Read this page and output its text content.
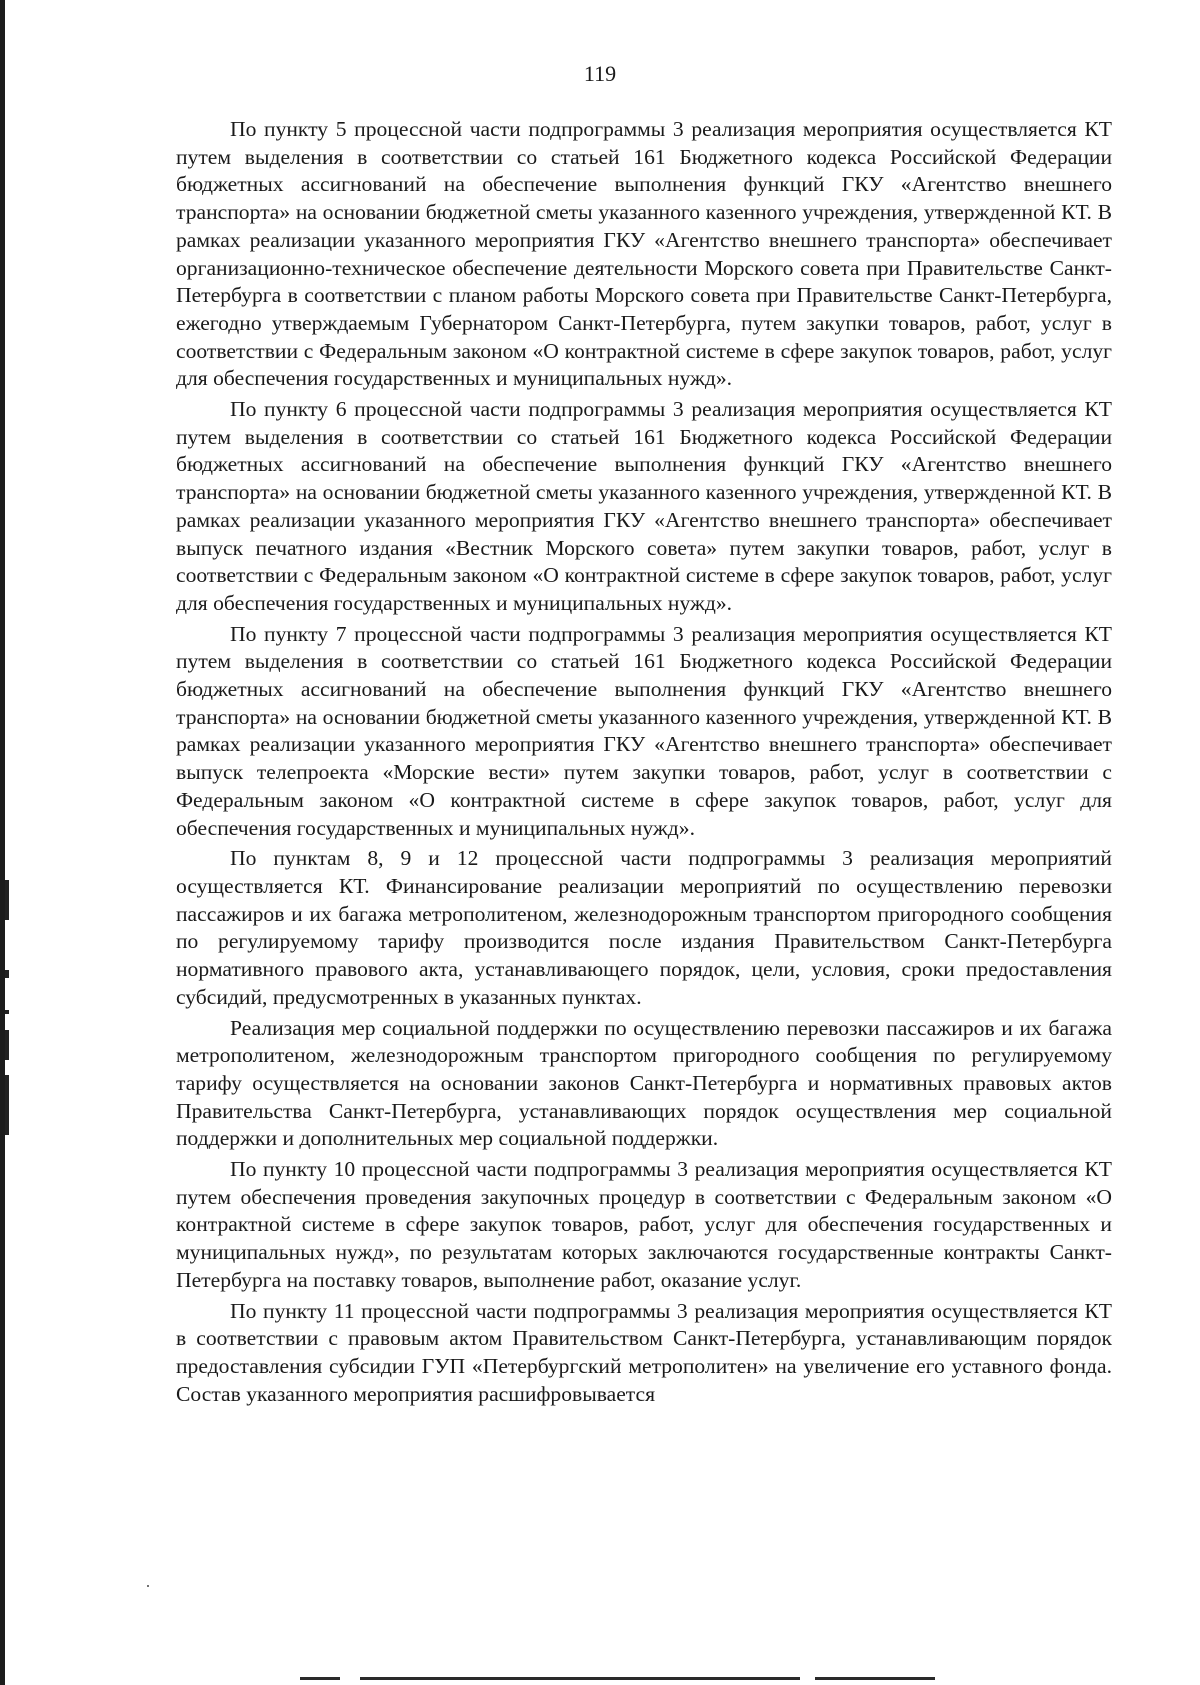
119

По пункту 5 процессной части подпрограммы 3 реализация мероприятия осуществляется КТ путем выделения в соответствии со статьей 161 Бюджетного кодекса Российской Федерации бюджетных ассигнований на обеспечение выполнения функций ГКУ «Агентство внешнего транспорта» на основании бюджетной сметы указанного казенного учреждения, утвержденной КТ. В рамках реализации указанного мероприятия ГКУ «Агентство внешнего транспорта» обеспечивает организационно-техническое обеспечение деятельности Морского совета при Правительстве Санкт-Петербурга в соответствии с планом работы Морского совета при Правительстве Санкт-Петербурга, ежегодно утверждаемым Губернатором Санкт-Петербурга, путем закупки товаров, работ, услуг в соответствии с Федеральным законом «О контрактной системе в сфере закупок товаров, работ, услуг для обеспечения государственных и муниципальных нужд».

По пункту 6 процессной части подпрограммы 3 реализация мероприятия осуществляется КТ путем выделения в соответствии со статьей 161 Бюджетного кодекса Российской Федерации бюджетных ассигнований на обеспечение выполнения функций ГКУ «Агентство внешнего транспорта» на основании бюджетной сметы указанного казенного учреждения, утвержденной КТ. В рамках реализации указанного мероприятия ГКУ «Агентство внешнего транспорта» обеспечивает выпуск печатного издания «Вестник Морского совета» путем закупки товаров, работ, услуг в соответствии с Федеральным законом «О контрактной системе в сфере закупок товаров, работ, услуг для обеспечения государственных и муниципальных нужд».

По пункту 7 процессной части подпрограммы 3 реализация мероприятия осуществляется КТ путем выделения в соответствии со статьей 161 Бюджетного кодекса Российской Федерации бюджетных ассигнований на обеспечение выполнения функций ГКУ «Агентство внешнего транспорта» на основании бюджетной сметы указанного казенного учреждения, утвержденной КТ. В рамках реализации указанного мероприятия ГКУ «Агентство внешнего транспорта» обеспечивает выпуск телепроекта «Морские вести» путем закупки товаров, работ, услуг в соответствии с Федеральным законом «О контрактной системе в сфере закупок товаров, работ, услуг для обеспечения государственных и муниципальных нужд».

По пунктам 8, 9 и 12 процессной части подпрограммы 3 реализация мероприятий осуществляется КТ. Финансирование реализации мероприятий по осуществлению перевозки пассажиров и их багажа метрополитеном, железнодорожным транспортом пригородного сообщения по регулируемому тарифу производится после издания Правительством Санкт-Петербурга нормативного правового акта, устанавливающего порядок, цели, условия, сроки предоставления субсидий, предусмотренных в указанных пунктах.

Реализация мер социальной поддержки по осуществлению перевозки пассажиров и их багажа метрополитеном, железнодорожным транспортом пригородного сообщения по регулируемому тарифу осуществляется на основании законов Санкт-Петербурга и нормативных правовых актов Правительства Санкт-Петербурга, устанавливающих порядок осуществления мер социальной поддержки и дополнительных мер социальной поддержки.

По пункту 10 процессной части подпрограммы 3 реализация мероприятия осуществляется КТ путем обеспечения проведения закупочных процедур в соответствии с Федеральным законом «О контрактной системе в сфере закупок товаров, работ, услуг для обеспечения государственных и муниципальных нужд», по результатам которых заключаются государственные контракты Санкт-Петербурга на поставку товаров, выполнение работ, оказание услуг.

По пункту 11 процессной части подпрограммы 3 реализация мероприятия осуществляется КТ в соответствии с правовым актом Правительством Санкт-Петербурга, устанавливающим порядок предоставления субсидии ГУП «Петербургский метрополитен» на увеличение его уставного фонда. Состав указанного мероприятия расшифровывается
